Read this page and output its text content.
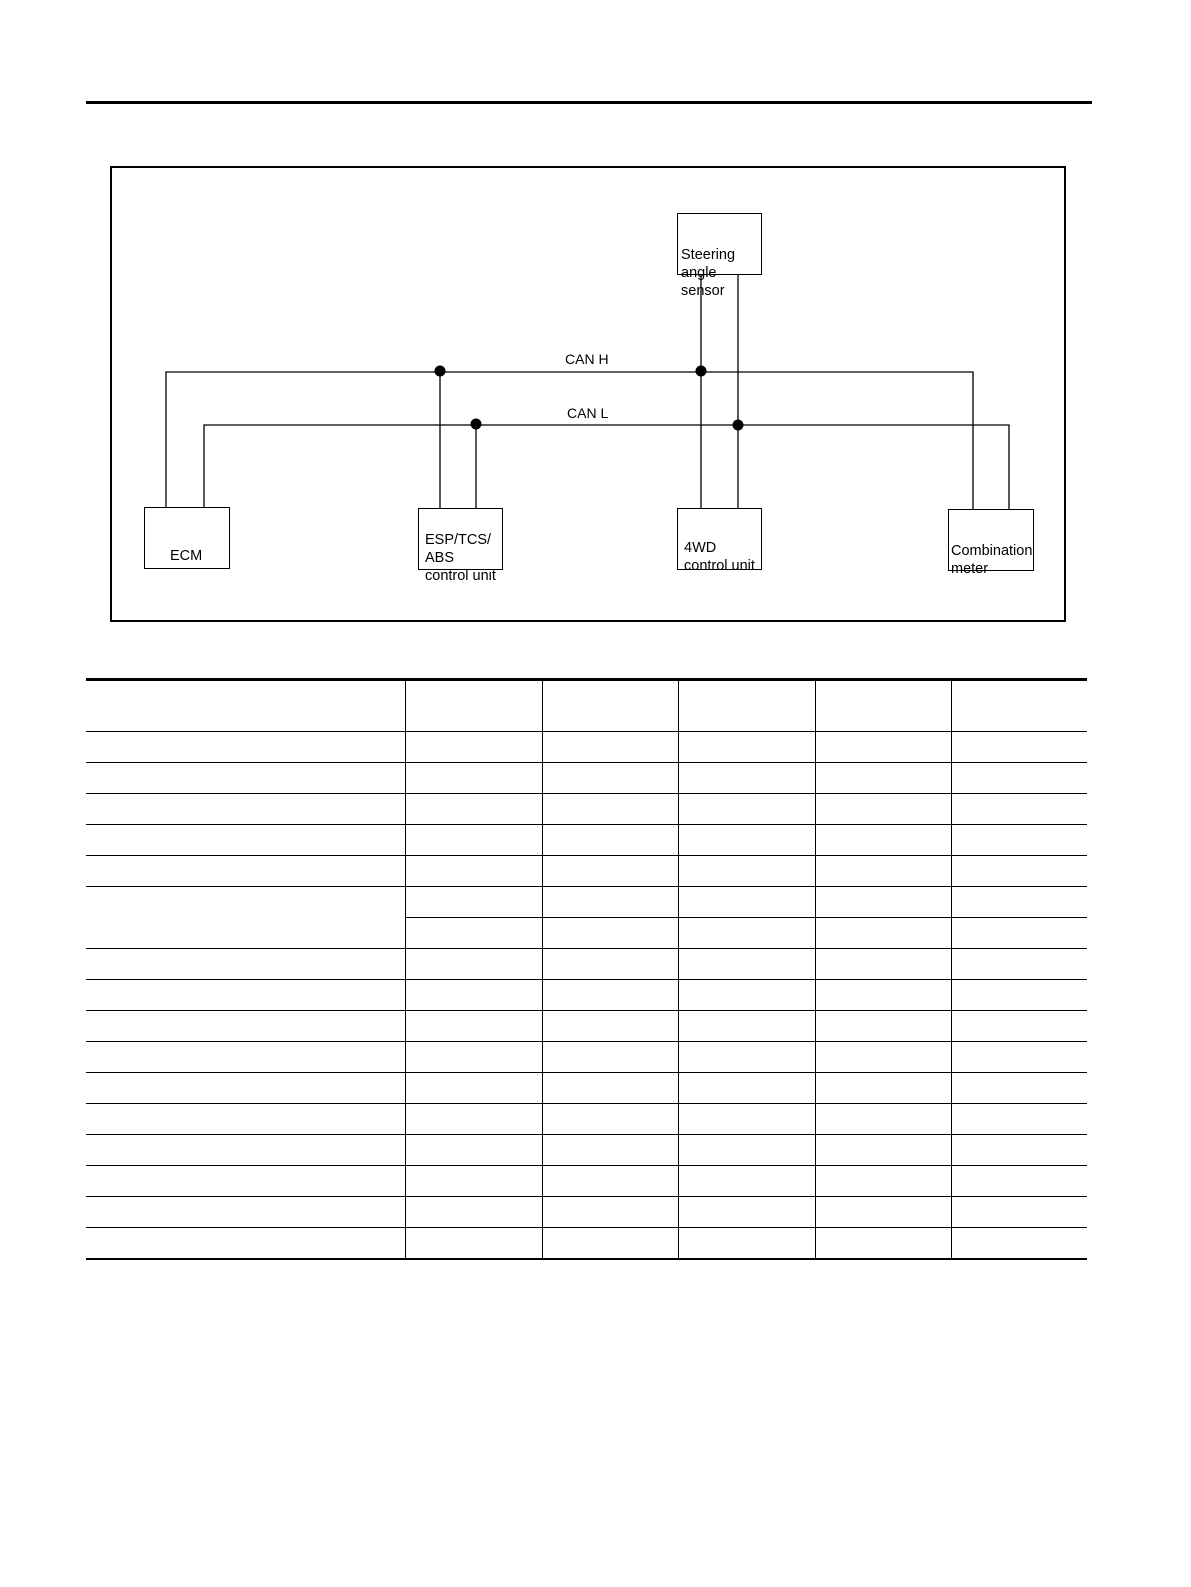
CAN H
CAN L

Steering
angle sensor

ECM

ESP/TCS/
ABS
control unit

4WD
control unit

Combination
meter
